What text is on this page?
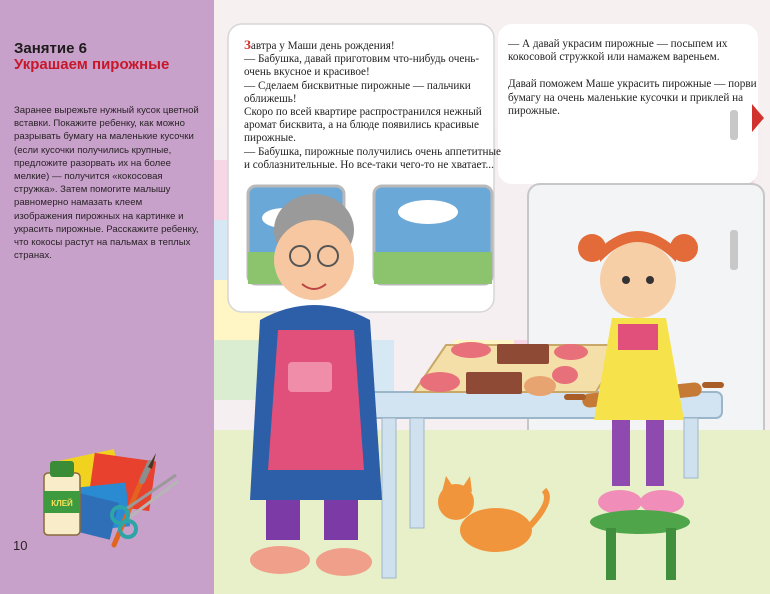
Занятие 6
Украшаем пирожные
Заранее вырежьте нужный кусок цветной вставки. Покажите ребенку, как можно разрывать бумагу на маленькие кусочки (если кусочки получились крупные, предложите разорвать их на более мелкие) — получится «кокосовая стружка». Затем помогите малышу равномерно намазать клеем изображения пирожных на картинке и украсить пирожные. Расскажите ребенку, что кокосы растут на пальмах в теплых странах.
КЛЕЙ
10

Завтра у Маши день рождения!
— Бабушка, давай приготовим что-нибудь очень-очень вкусное и красивое!
— Сделаем бисквитные пирожные — пальчики оближешь!
Скоро по всей квартире распространился нежный аромат бисквита, а на блюде появились красивые пирожные.
— Бабушка, пирожные получились очень аппетитные и соблазнительные. Но все-таки чего-то не хватает...

— А давай украсим пирожные — посыпем их кокосовой стружкой или намажем вареньем.

Давай поможем Маше украсить пирожные — порви бумагу на очень маленькие кусочки и приклей на пирожные.
